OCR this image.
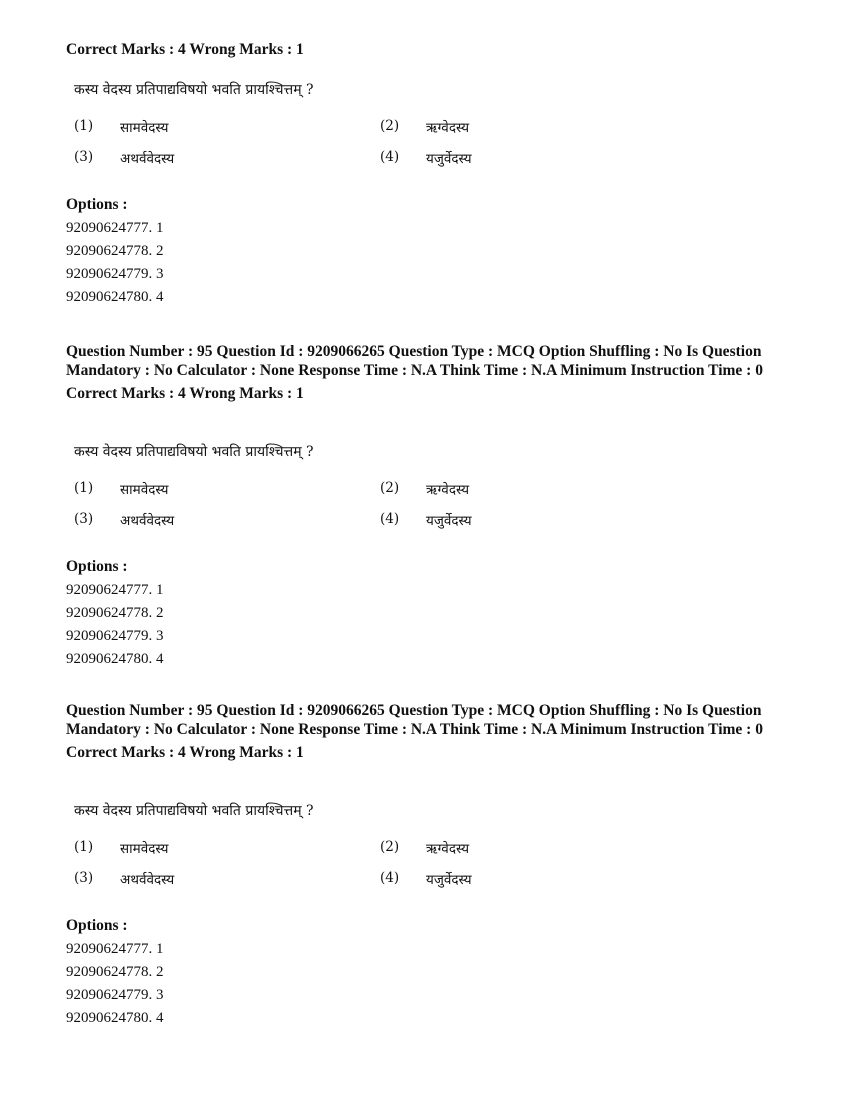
Correct Marks : 4 Wrong Marks : 1
कस्य वेदस्य प्रतिपाद्यविषयो भवति प्रायश्चित्तम् ?
(1)	सामवेदस्य	(2)	ऋग्वेदस्य
(3)	अथर्ववेदस्य	(4)	यजुर्वेदस्य
Options :
92090624777. 1
92090624778. 2
92090624779. 3
92090624780. 4

Question Number : 95 Question Id : 9209066265 Question Type : MCQ Option Shuffling : No Is Question Mandatory : No Calculator : None Response Time : N.A Think Time : N.A Minimum Instruction Time : 0

Correct Marks : 4 Wrong Marks : 1
कस्य वेदस्य प्रतिपाद्यविषयो भवति प्रायश्चित्तम् ?
(1)	सामवेदस्य	(2)	ऋग्वेदस्य
(3)	अथर्ववेदस्य	(4)	यजुर्वेदस्य
Options :
92090624777. 1
92090624778. 2
92090624779. 3
92090624780. 4

Question Number : 95 Question Id : 9209066265 Question Type : MCQ Option Shuffling : No Is Question Mandatory : No Calculator : None Response Time : N.A Think Time : N.A Minimum Instruction Time : 0

Correct Marks : 4 Wrong Marks : 1
कस्य वेदस्य प्रतिपाद्यविषयो भवति प्रायश्चित्तम् ?
(1)	सामवेदस्य	(2)	ऋग्वेदस्य
(3)	अथर्ववेदस्य	(4)	यजुर्वेदस्य
Options :
92090624777. 1
92090624778. 2
92090624779. 3
92090624780. 4
